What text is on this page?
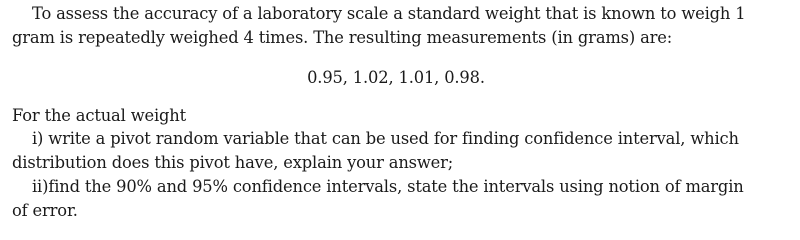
To assess the accuracy of a laboratory scale a standard weight that is known to weigh 1
gram is repeatedly weighed 4 times. The resulting measurements (in grams) are:
0.95, 1.02, 1.01, 0.98.
For the actual weight
i) write a pivot random variable that can be used for finding confidence interval, which
distribution does this pivot have, explain your answer;
ii)find the 90% and 95% confidence intervals, state the intervals using notion of margin
of error.
